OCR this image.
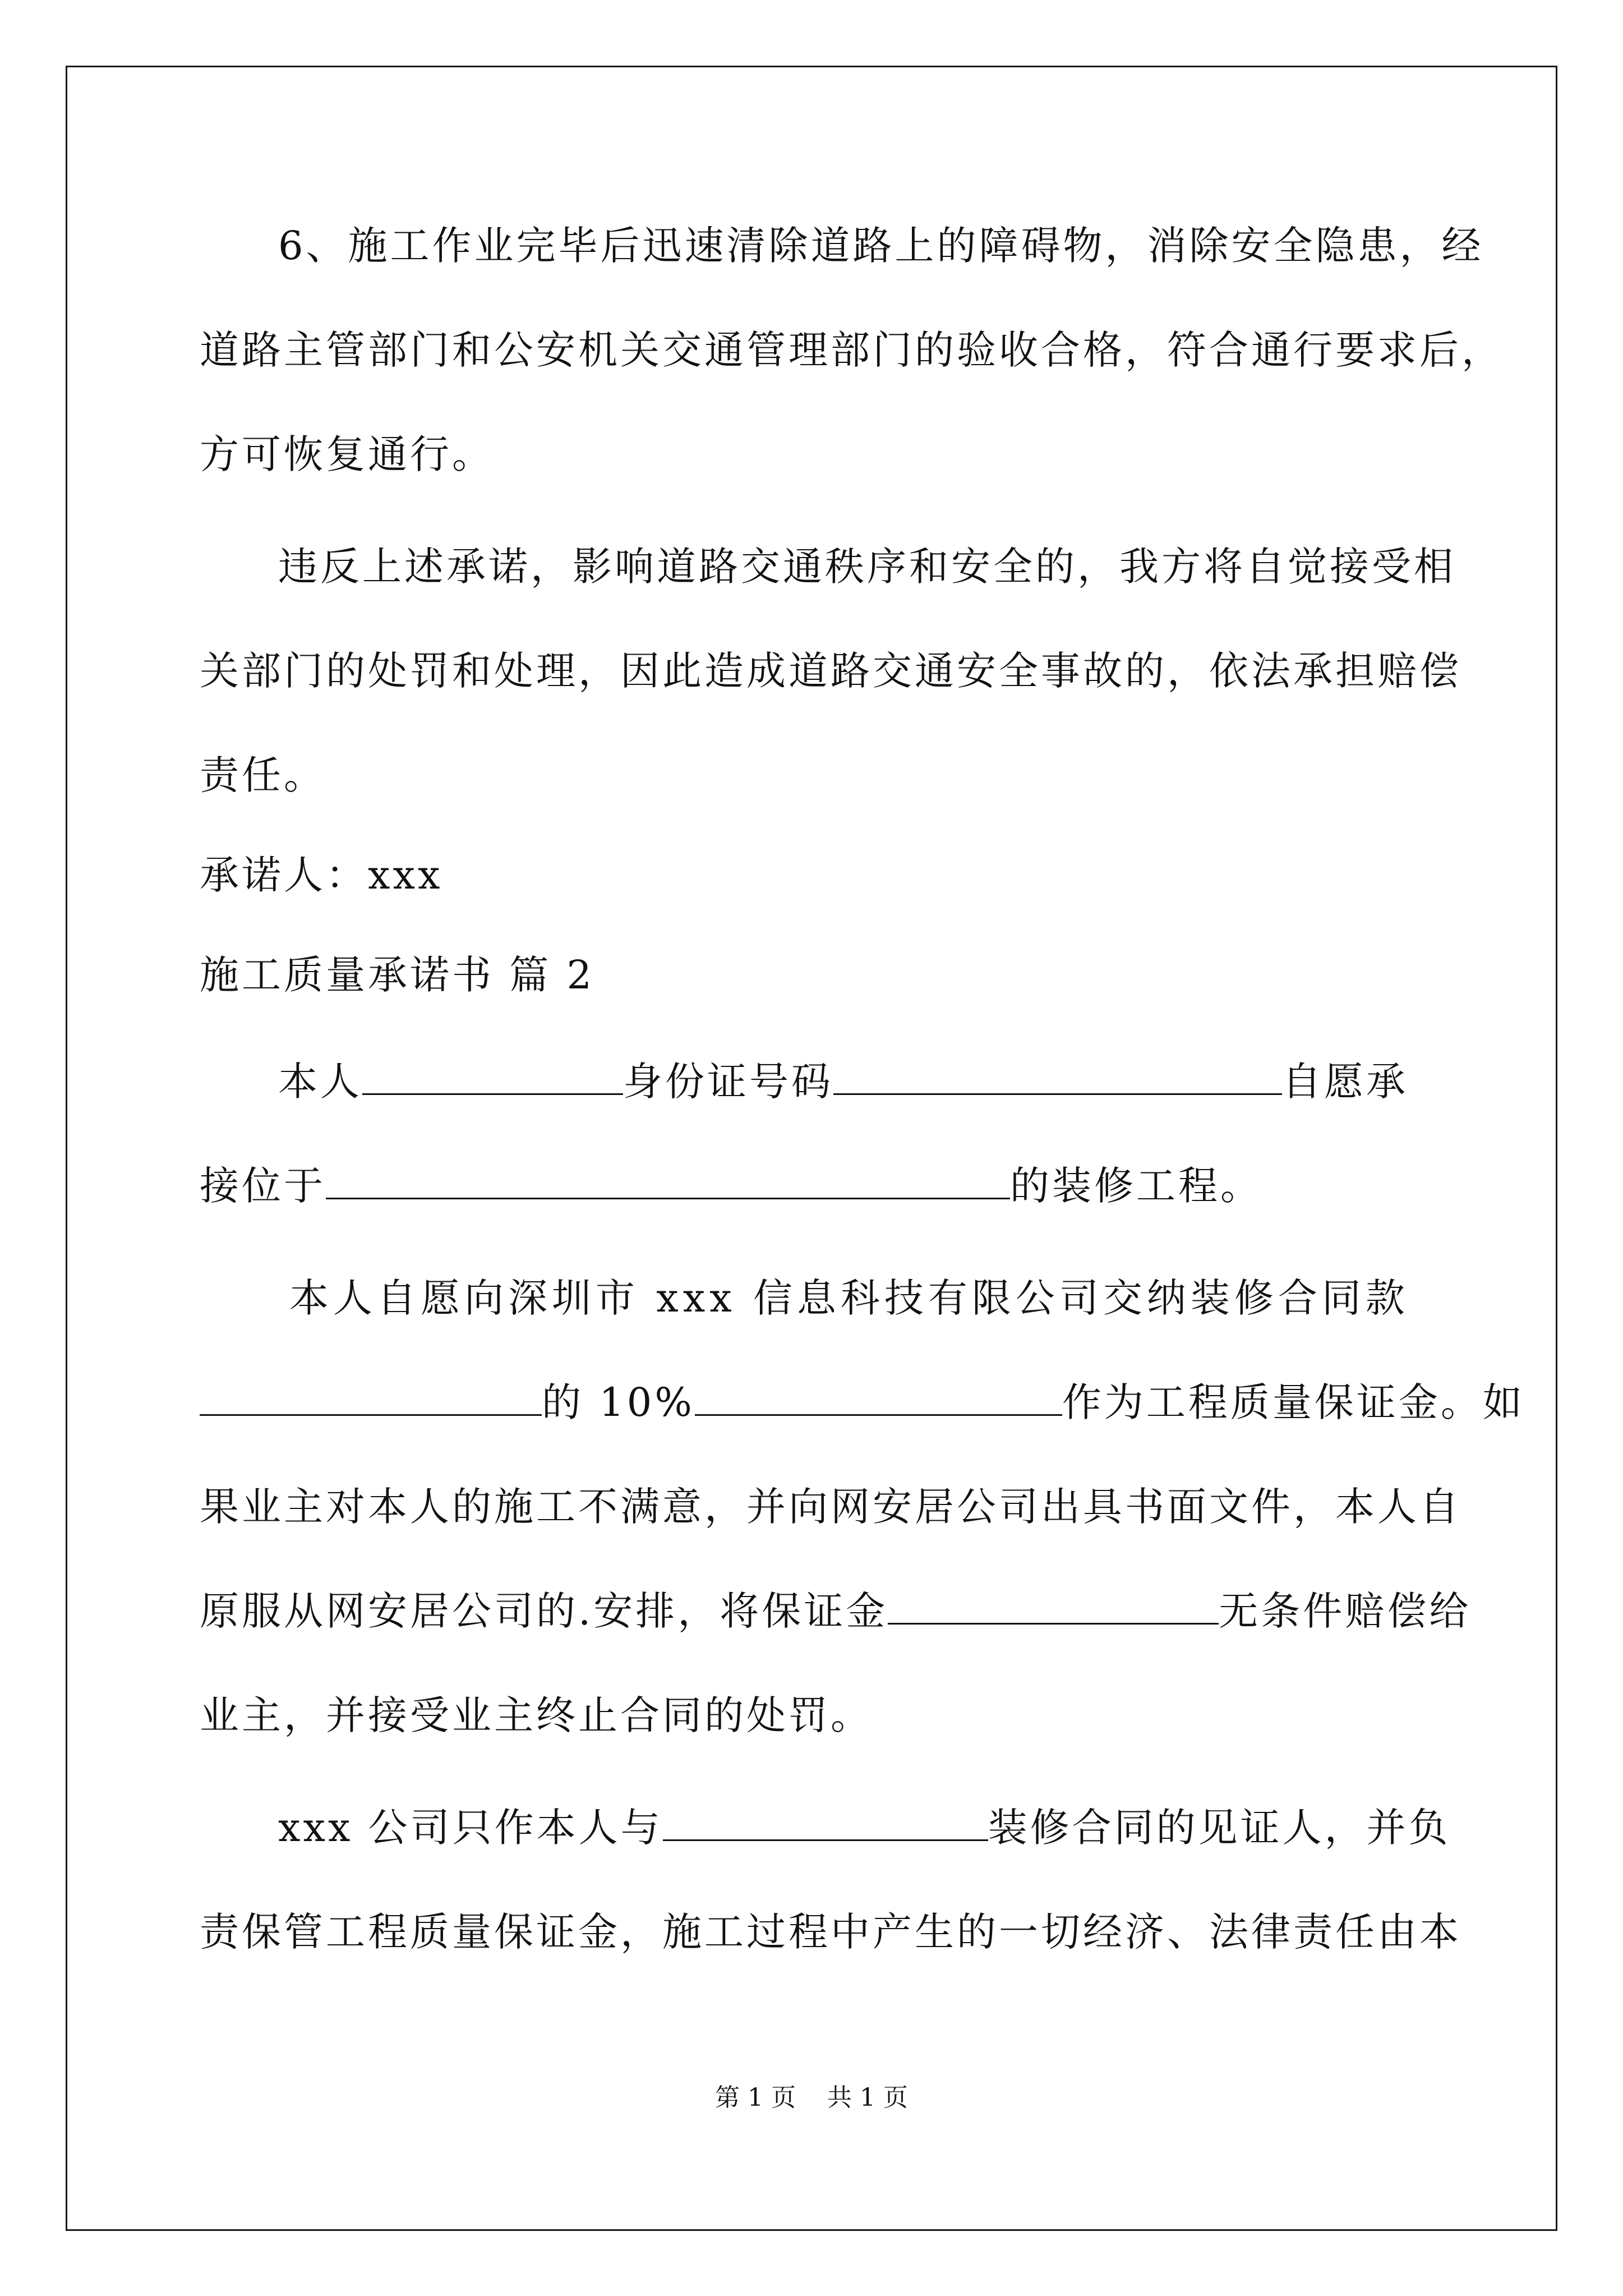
6、施工作业完毕后迅速清除道路上的障碍物，消除安全隐患，经
道路主管部门和公安机关交通管理部门的验收合格，符合通行要求后，
方可恢复通行。
违反上述承诺，影响道路交通秩序和安全的，我方将自觉接受相
关部门的处罚和处理，因此造成道路交通安全事故的，依法承担赔偿
责任。
承诺人：xxx
施工质量承诺书 篇 2
本人	身份证号码	自愿承
接位于	的装修工程。
本人自愿向深圳市 xxx 信息科技有限公司交纳装修合同款
的 10%	作为工程质量保证金。如
果业主对本人的施工不满意，并向网安居公司出具书面文件，本人自
原服从网安居公司的.安排，将保证金	无条件赔偿给
业主，并接受业主终止合同的处罚。
xxx 公司只作本人与	装修合同的见证人，并负
责保管工程质量保证金，施工过程中产生的一切经济、法律责任由本
第 1 页    共 1 页
